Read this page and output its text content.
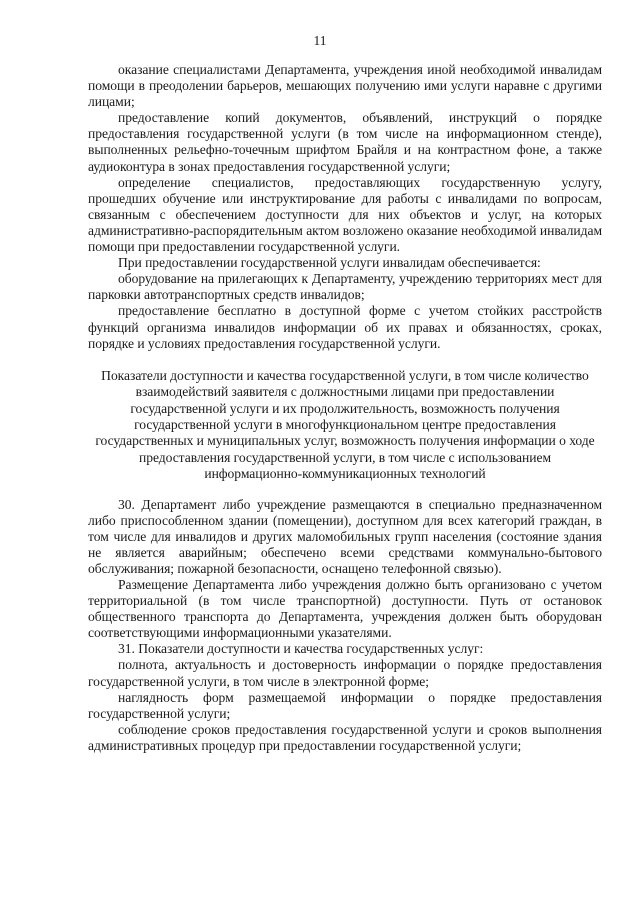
11

оказание специалистами Департамента, учреждения иной необходимой инвалидам помощи в преодолении барьеров, мешающих получению ими услуги наравне с другими лицами;

предоставление копий документов, объявлений, инструкций о порядке предоставления государственной услуги (в том числе на информационном стенде), выполненных рельефно-точечным шрифтом Брайля и на контрастном фоне, а также аудиоконтура в зонах предоставления государственной услуги;

определение специалистов, предоставляющих государственную услугу, прошедших обучение или инструктирование для работы с инвалидами по вопросам, связанным с обеспечением доступности для них объектов и услуг, на которых административно-распорядительным актом возложено оказание необходимой инвалидам помощи при предоставлении государственной услуги.

При предоставлении государственной услуги инвалидам обеспечивается:

оборудование на прилегающих к Департаменту, учреждению территориях мест для парковки автотранспортных средств инвалидов;

предоставление бесплатно в доступной форме с учетом стойких расстройств функций организма инвалидов информации об их правах и обязанностях, сроках, порядке и условиях предоставления государственной услуги.

Показатели доступности и качества государственной услуги, в том числе количество взаимодействий заявителя с должностными лицами при предоставлении государственной услуги и их продолжительность, возможность получения государственной услуги в многофункциональном центре предоставления государственных и муниципальных услуг, возможность получения информации о ходе предоставления государственной услуги, в том числе с использованием информационно-коммуникационных технологий

30. Департамент либо учреждение размещаются в специально предназначенном либо приспособленном здании (помещении), доступном для всех категорий граждан, в том числе для инвалидов и других маломобильных групп населения (состояние здания не является аварийным; обеспечено всеми средствами коммунально-бытового обслуживания; пожарной безопасности, оснащено телефонной связью).

Размещение Департамента либо учреждения должно быть организовано с учетом территориальной (в том числе транспортной) доступности. Путь от остановок общественного транспорта до Департамента, учреждения должен быть оборудован соответствующими информационными указателями.

31. Показатели доступности и качества государственных услуг:

полнота, актуальность и достоверность информации о порядке предоставления государственной услуги, в том числе в электронной форме;

наглядность форм размещаемой информации о порядке предоставления государственной услуги;

соблюдение сроков предоставления государственной услуги и сроков выполнения административных процедур при предоставлении государственной услуги;
